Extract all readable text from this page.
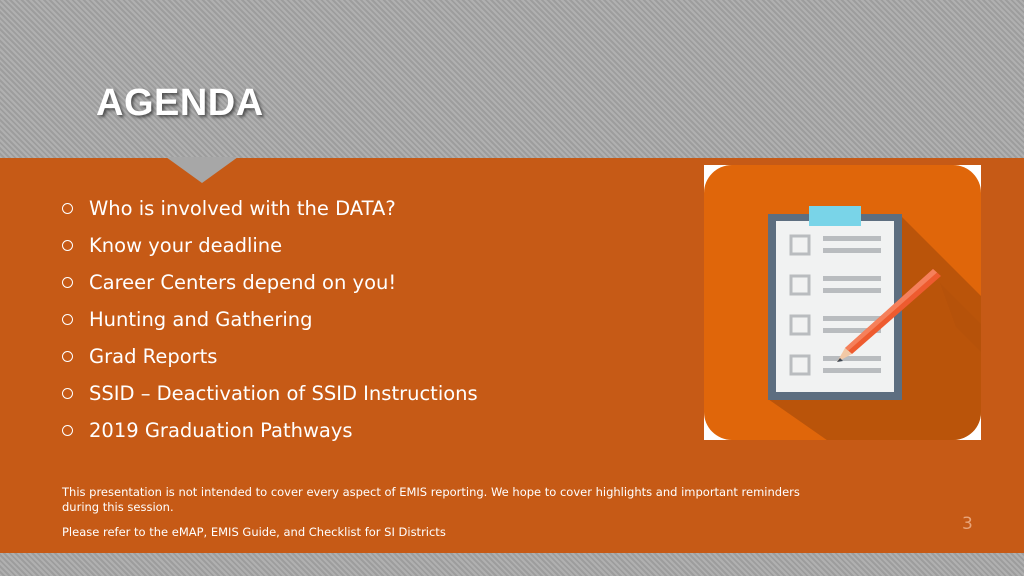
AGENDA
Who is involved with the DATA?
Know your deadline
Career Centers depend on you!
Hunting and Gathering
Grad Reports
SSID – Deactivation of SSID Instructions
2019 Graduation Pathways

This presentation is not intended to cover every aspect of EMIS reporting. We hope to cover highlights and important reminders during this session.

Please refer to the eMAP, EMIS Guide, and Checklist for SI Districts	3
